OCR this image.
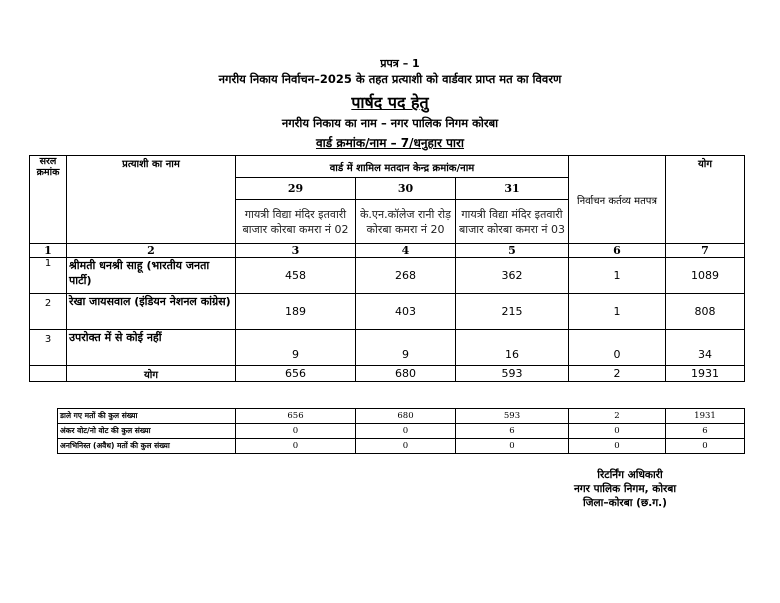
प्रपत्र – 1
नगरीय निकाय निर्वाचन–2025 के तहत प्रत्याशी को वार्डवार प्राप्त मत का विवरण
पार्षद पद हेतु
नगरीय निकाय का नाम – नगर पालिक निगम कोरबा
वार्ड क्रमांक/नाम – 7/धनुहार पारा
सरल क्रमांक	प्रत्याशी का नाम	वार्ड में शामिल मतदान केन्द्र क्रमांक/नाम			निर्वाचन कर्तव्य मतपत्र	योग
		29	30	31		
		गायत्री विद्या मंदिर इतवारी बाजार कोरबा कमरा नं 02	के.एन.कॉलेज रानी रोड़ कोरबा कमरा नं 20	गायत्री विद्या मंदिर इतवारी बाजार कोरबा कमरा नं 03		
1	2	3	4	5	6	7
1	श्रीमती धनश्री साहू (भारतीय जनता पार्टी)	458	268	362	1	1089
2	रेखा जायसवाल (इंडियन नेशनल कांग्रेस)	189	403	215	1	808
3	उपरोक्त में से कोई नहीं	9	9	16	0	34
	योग	656	680	593	2	1931
डाले गए मतों की कुल संख्या	656	680	593	2	1931
अंकर वोट/नो वोट की कुल संख्या	0	0	6	0	6
अनभिनिस्त (अवैध) मतों की कुल संख्या	0	0	0	0	0
रिटर्निंग अधिकारी
नगर पालिक निगम, कोरबा
जिला–कोरबा (छ.ग.)
